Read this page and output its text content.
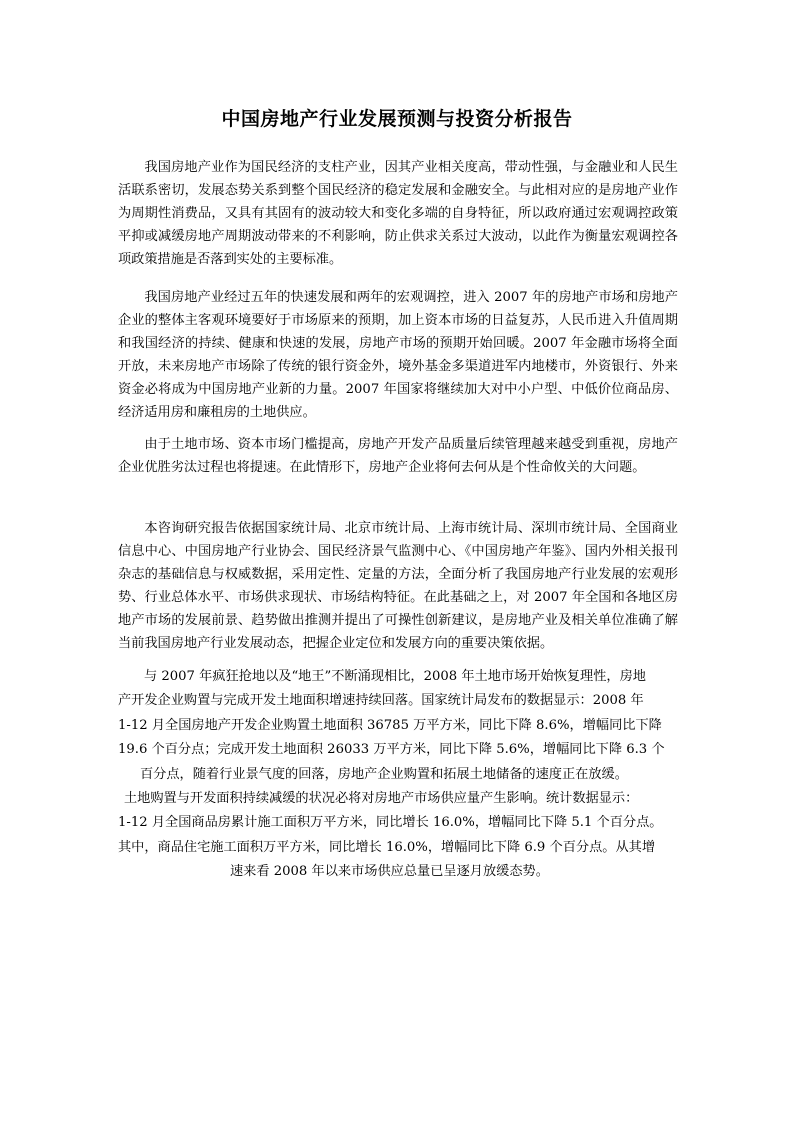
中国房地产行业发展预测与投资分析报告

我国房地产业作为国民经济的支柱产业，因其产业相关度高，带动性强，与金融业和人民生活联系密切，发展态势关系到整个国民经济的稳定发展和金融安全。与此相对应的是房地产业作为周期性消费品，又具有其固有的波动较大和变化多端的自身特征，所以政府通过宏观调控政策平抑或减缓房地产周期波动带来的不利影响，防止供求关系过大波动，以此作为衡量宏观调控各项政策措施是否落到实处的主要标准。

我国房地产业经过五年的快速发展和两年的宏观调控，进入 2007 年的房地产市场和房地产企业的整体主客观环境要好于市场原来的预期，加上资本市场的日益复苏，人民币进入升值周期和我国经济的持续、健康和快速的发展，房地产市场的预期开始回暖。2007 年金融市场将全面开放，未来房地产市场除了传统的银行资金外，境外基金多渠道进军内地楼市，外资银行、外来资金必将成为中国房地产业新的力量。2007 年国家将继续加大对中小户型、中低价位商品房、经济适用房和廉租房的土地供应。

由于土地市场、资本市场门槛提高，房地产开发产品质量后续管理越来越受到重视，房地产企业优胜劣汰过程也将提速。在此情形下，房地产企业将何去何从是个性命攸关的大问题。

本咨询研究报告依据国家统计局、北京市统计局、上海市统计局、深圳市统计局、全国商业信息中心、中国房地产行业协会、国民经济景气监测中心、《中国房地产年鉴》、国内外相关报刊杂志的基础信息与权威数据，采用定性、定量的方法，全面分析了我国房地产行业发展的宏观形势、行业总体水平、市场供求现状、市场结构特征。在此基础之上，对 2007 年全国和各地区房地产市场的发展前景、趋势做出推测并提出了可操性创新建议，是房地产业及相关单位准确了解当前我国房地产行业发展动态，把握企业定位和发展方向的重要决策依据。

与 2007 年疯狂抢地以及“地王”不断涌现相比，2008 年土地市场开始恢复理性，房地
产开发企业购置与完成开发土地面积增速持续回落。国家统计局发布的数据显示：2008 年
1-12 月全国房地产开发企业购置土地面积 36785 万平方米，同比下降 8.6%，增幅同比下降
19.6 个百分点；完成开发土地面积 26033 万平方米，同比下降 5.6%，增幅同比下降 6.3 个
百分点，随着行业景气度的回落，房地产企业购置和拓展土地储备的速度正在放缓。
土地购置与开发面积持续减缓的状况必将对房地产市场供应量产生影响。统计数据显示：
1-12 月全国商品房累计施工面积万平方米，同比增长 16.0%，增幅同比下降 5.1 个百分点。
其中，商品住宅施工面积万平方米，同比增长 16.0%，增幅同比下降 6.9 个百分点。从其增
速来看 2008 年以来市场供应总量已呈逐月放缓态势。
